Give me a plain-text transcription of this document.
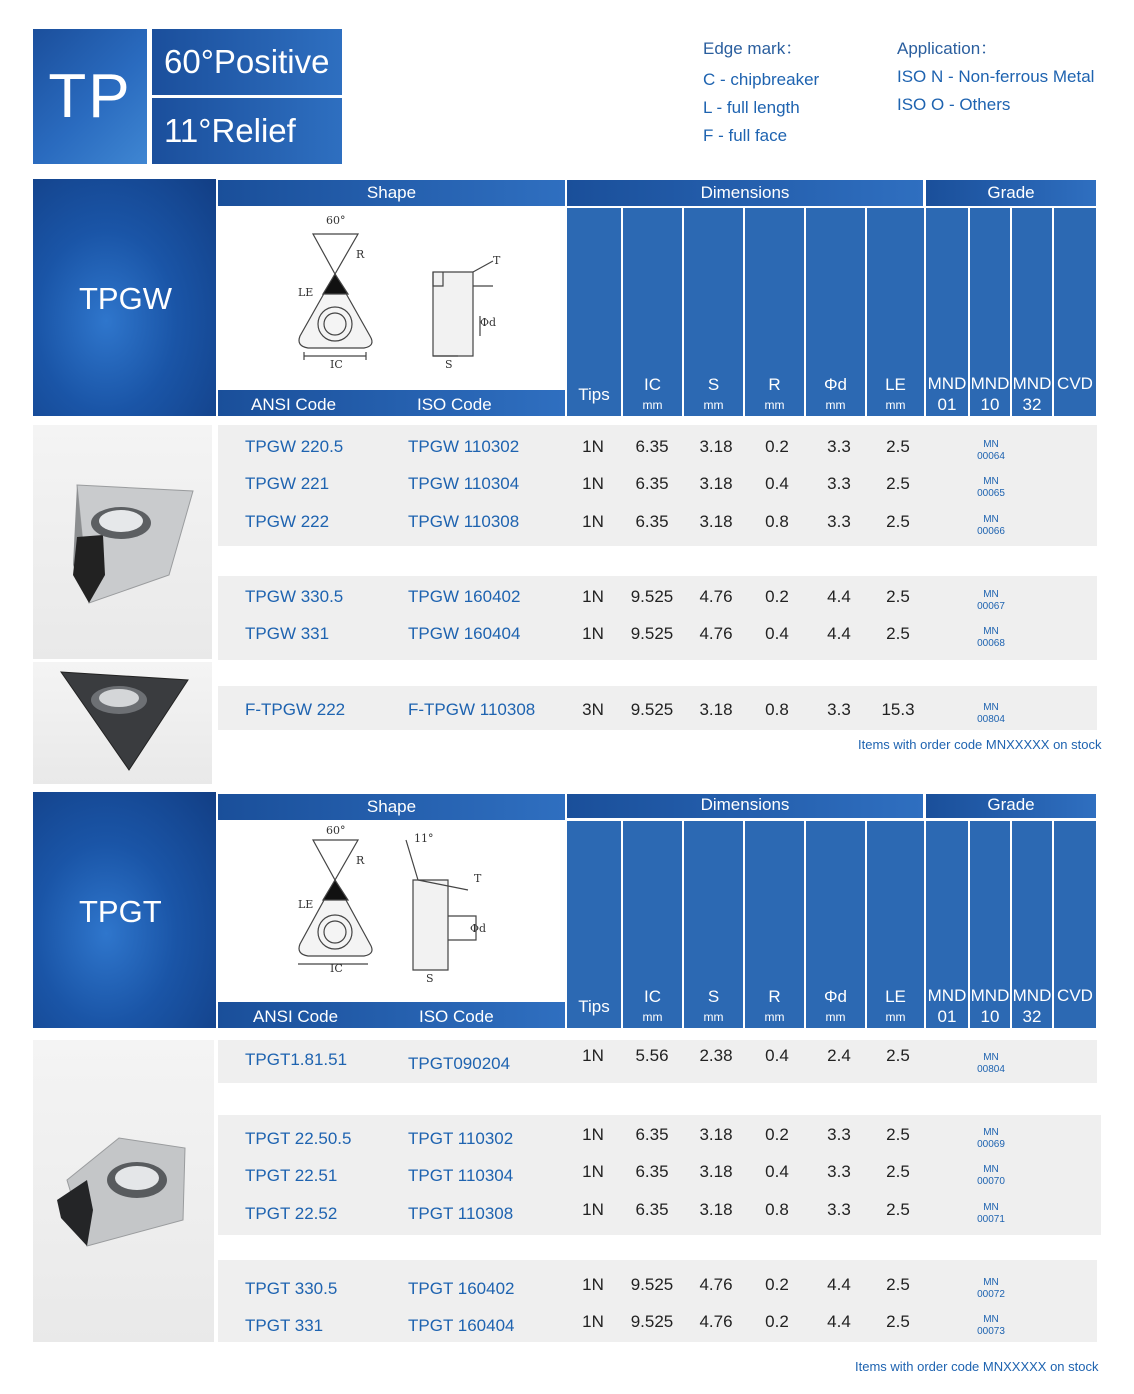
TP
60°Positive
11°Relief
Edge mark：
C - chipbreaker
L - full length
F - full face
Application：
ISO N - Non-ferrous Metal
ISO O - Others
TPGW
Shape
60°
R
LE
IC
Φd
S
T
ANSI Code	ISO Code
Dimensions	Grade
Tips
IC
mm
S
mm
R
mm
Φd
mm
LE
mm
MND
01
MND
10
MND
32
CVD
TPGW 220.5	TPGW 110302	1N	6.35	3.18	0.2	3.3	2.5	MN
00064
TPGW 221	TPGW 110304	1N	6.35	3.18	0.4	3.3	2.5	MN
00065
TPGW 222	TPGW 110308	1N	6.35	3.18	0.8	3.3	2.5	MN
00066
TPGW 330.5	TPGW 160402	1N	9.525	4.76	0.2	4.4	2.5	MN
00067
TPGW 331	TPGW 160404	1N	9.525	4.76	0.4	4.4	2.5	MN
00068
F-TPGW 222	F-TPGW 110308	3N	9.525	3.18	0.8	3.3	15.3	MN
00804
Items with order code MNXXXXX on stock
TPGT
Shape
60°
R
LE
IC
Φd
S
11°
T
ANSI Code	ISO Code
Dimensions	Grade
Tips
IC
mm
S
mm
R
mm
Φd
mm
LE
mm
MND
01
MND
10
MND
32
CVD
TPGT1.81.51	TPGT090204	1N	5.56	2.38	0.4	2.4	2.5	MN
00804
TPGT 22.50.5	TPGT 110302	1N	6.35	3.18	0.2	3.3	2.5	MN
00069
TPGT 22.51	TPGT 110304	1N	6.35	3.18	0.4	3.3	2.5	MN
00070
TPGT 22.52	TPGT 110308	1N	6.35	3.18	0.8	3.3	2.5	MN
00071
TPGT 330.5	TPGT 160402	1N	9.525	4.76	0.2	4.4	2.5	MN
00072
TPGT 331	TPGT 160404	1N	9.525	4.76	0.2	4.4	2.5	MN
00073
Items with order code MNXXXXX on stock
